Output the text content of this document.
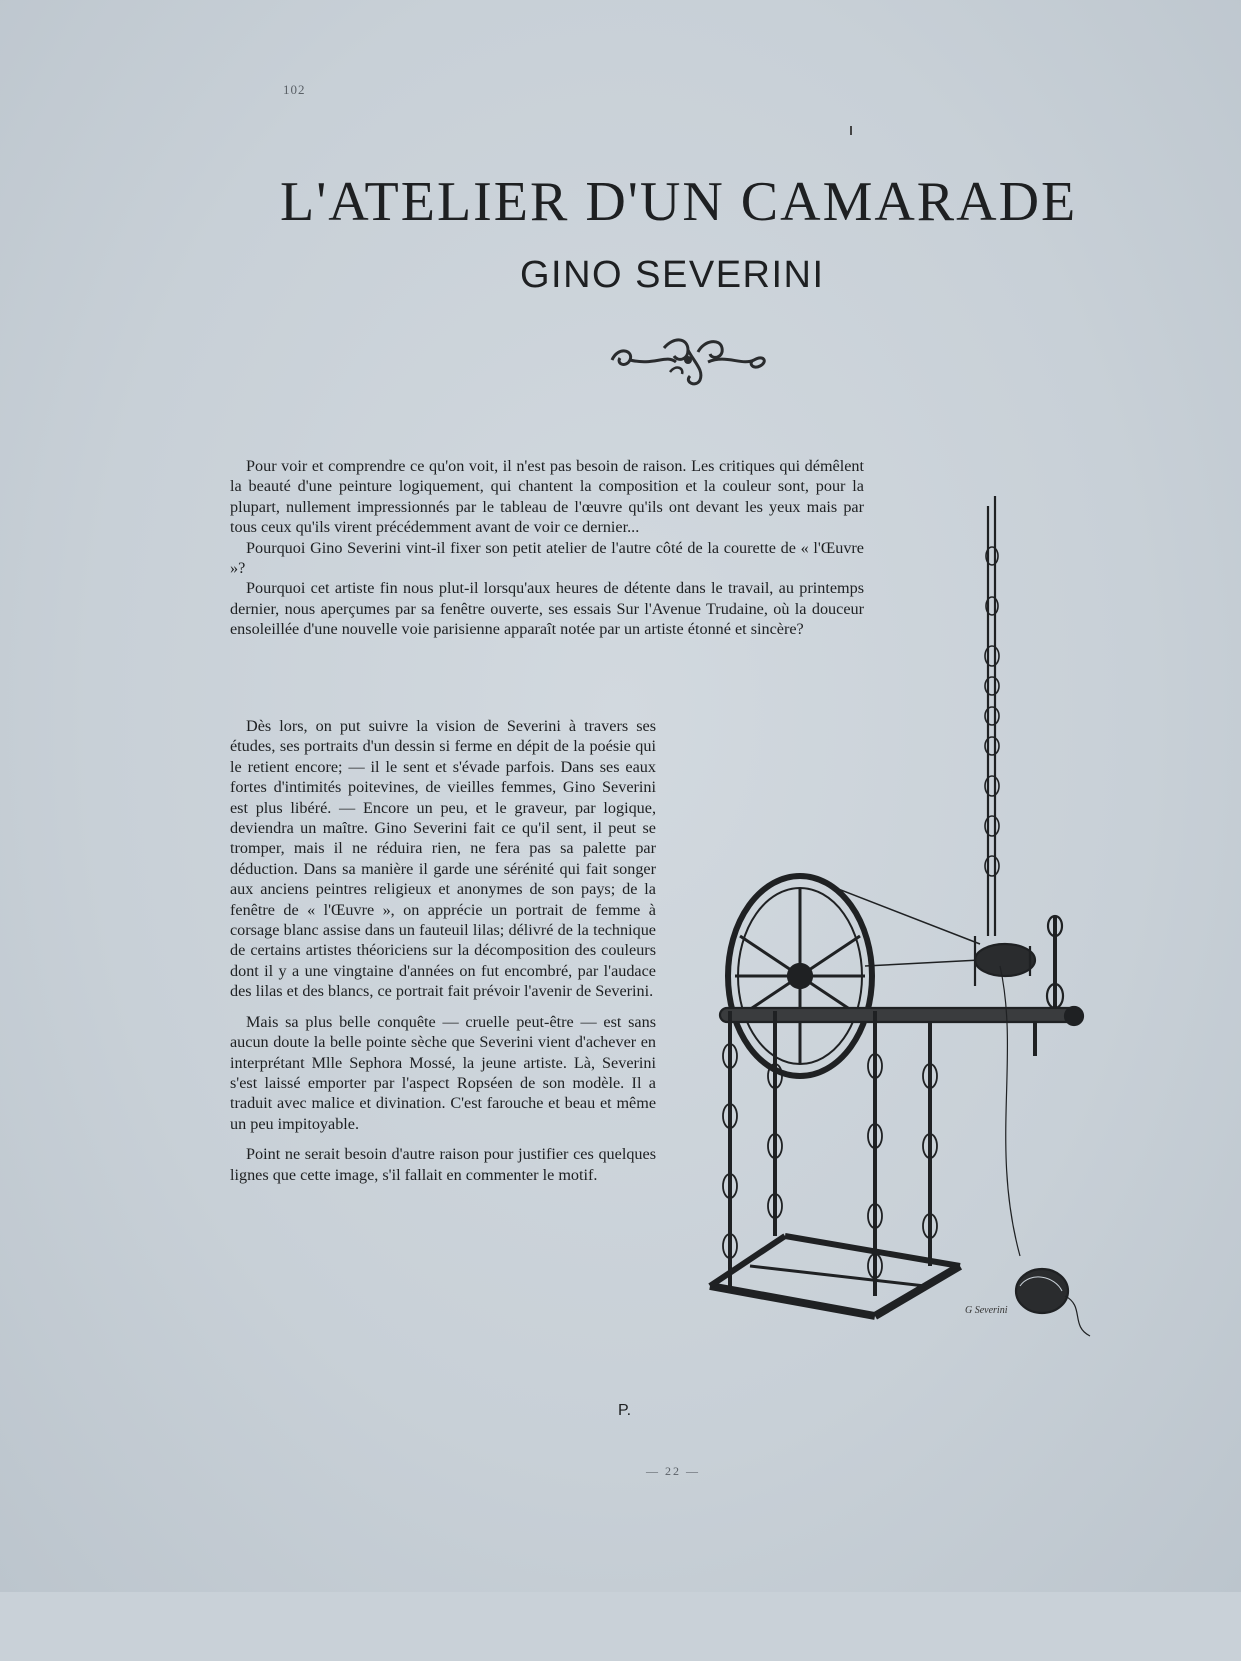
102
L'ATELIER D'UN CAMARADE
GINO SEVERINI

Pour voir et comprendre ce qu'on voit, il n'est pas besoin de raison. Les critiques qui démêlent la beauté d'une peinture logiquement, qui chantent la composition et la couleur sont, pour la plupart, nullement impressionnés par le tableau de l'œuvre qu'ils ont devant les yeux mais par tous ceux qu'ils virent précédemment avant de voir ce dernier...

Pourquoi Gino Severini vint-il fixer son petit atelier de l'autre côté de la courette de « l'Œuvre »?

Pourquoi cet artiste fin nous plut-il lorsqu'aux heures de détente dans le travail, au printemps dernier, nous aperçumes par sa fenêtre ouverte, ses essais Sur l'Avenue Trudaine, où la douceur ensoleillée d'une nouvelle voie parisienne apparaît notée par un artiste étonné et sincère?

Dès lors, on put suivre la vision de Severini à travers ses études, ses portraits d'un dessin si ferme en dépit de la poésie qui le retient encore; — il le sent et s'évade parfois. Dans ses eaux fortes d'intimités poitevines, de vieilles femmes, Gino Severini est plus libéré. — Encore un peu, et le graveur, par logique, deviendra un maître. Gino Severini fait ce qu'il sent, il peut se tromper, mais il ne réduira rien, ne fera pas sa palette par déduction. Dans sa manière il garde une sérénité qui fait songer aux anciens peintres religieux et anonymes de son pays; de la fenêtre de « l'Œuvre », on apprécie un portrait de femme à corsage blanc assise dans un fauteuil lilas; délivré de la technique de certains artistes théoriciens sur la décomposition des couleurs dont il y a une vingtaine d'années on fut encombré, par l'audace des lilas et des blancs, ce portrait fait prévoir l'avenir de Severini.

Mais sa plus belle conquête — cruelle peut-être — est sans aucun doute la belle pointe sèche que Severini vient d'achever en interprétant Mlle Sephora Mossé, la jeune artiste. Là, Severini s'est laissé emporter par l'aspect Ropséen de son modèle. Il a traduit avec malice et divination. C'est farouche et beau et même un peu impitoyable.

Point ne serait besoin d'autre raison pour justifier ces quelques lignes que cette image, s'il fallait en commenter le motif.

P.
— 22 —
G Severini
